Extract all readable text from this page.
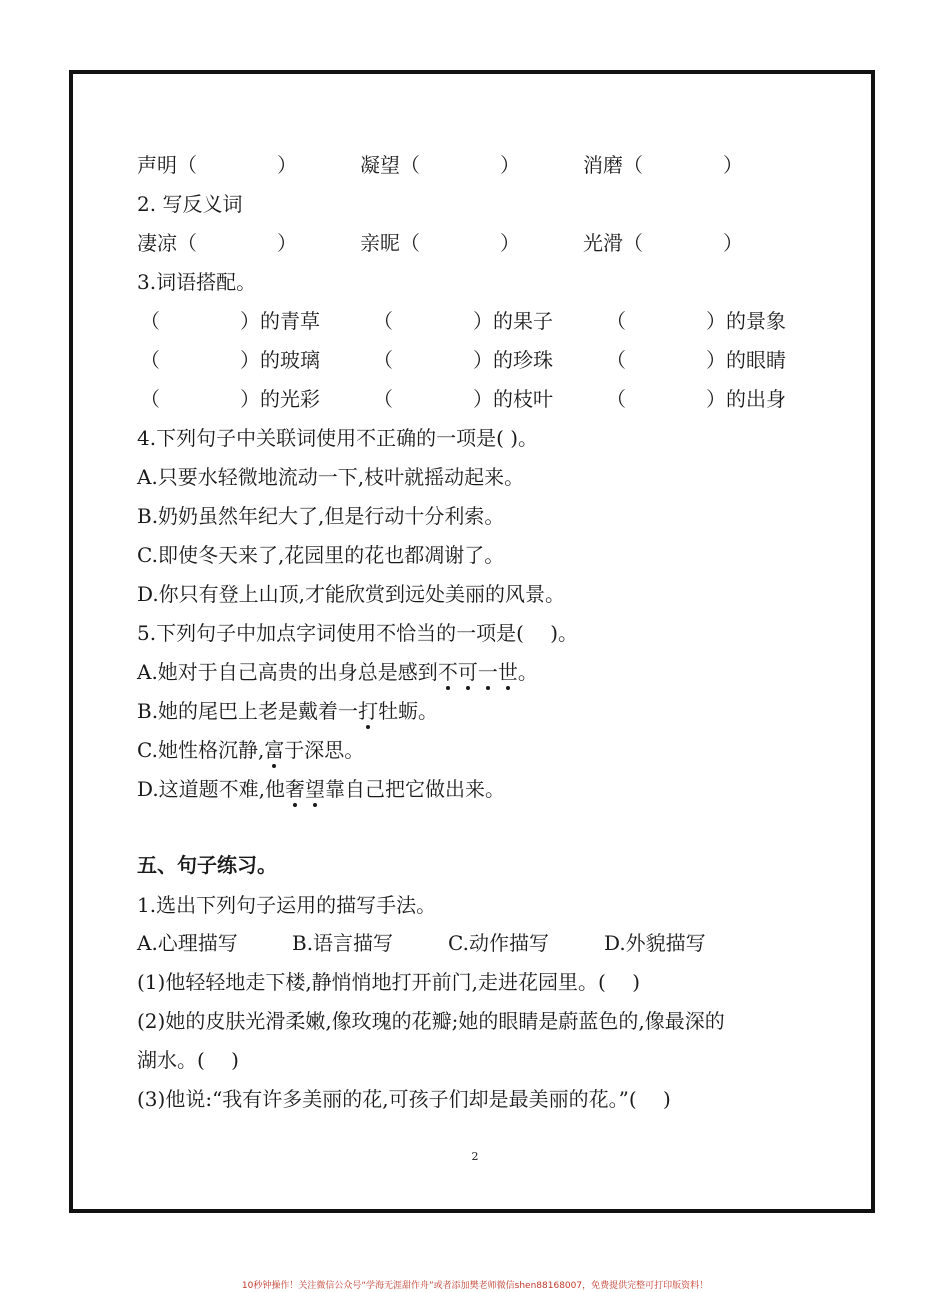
声明（　　　　）	凝望（　　　　）	消磨（　　　　）
2. 写反义词
凄凉（　　　　）	亲昵（　　　　）	光滑（　　　　）
3.词语搭配。
（　　　　）的青草	（　　　　）的果子	（　　　　）的景象
（　　　　）的玻璃	（　　　　）的珍珠	（　　　　）的眼睛
（　　　　）的光彩	（　　　　）的枝叶	（　　　　）的出身
4.下列句子中关联词使用不正确的一项是( )。
A.只要水轻微地流动一下,枝叶就摇动起来。
B.奶奶虽然年纪大了,但是行动十分利索。
C.即使冬天来了,花园里的花也都凋谢了。
D.你只有登上山顶,才能欣赏到远处美丽的风景。
5.下列句子中加点字词使用不恰当的一项是(　 )。
A.她对于自己高贵的出身总是感到不可一世。
B.她的尾巴上老是戴着一打牡蛎。
C.她性格沉静,富于深思。
D.这道题不难,他奢望靠自己把它做出来。
五、句子练习。
1.选出下列句子运用的描写手法。
A.心理描写	B.语言描写	C.动作描写	D.外貌描写
(1)他轻轻地走下楼,静悄悄地打开前门,走进花园里。(　 )
(2)她的皮肤光滑柔嫩,像玫瑰的花瓣;她的眼睛是蔚蓝色的,像最深的
湖水。(　 )
(3)他说:“我有许多美丽的花,可孩子们却是最美丽的花。”(　 )
2
10秒钟操作！关注微信公众号“学海无涯甜作舟”或者添加樊老师微信shen88168007，免费提供完整可打印版资料！
